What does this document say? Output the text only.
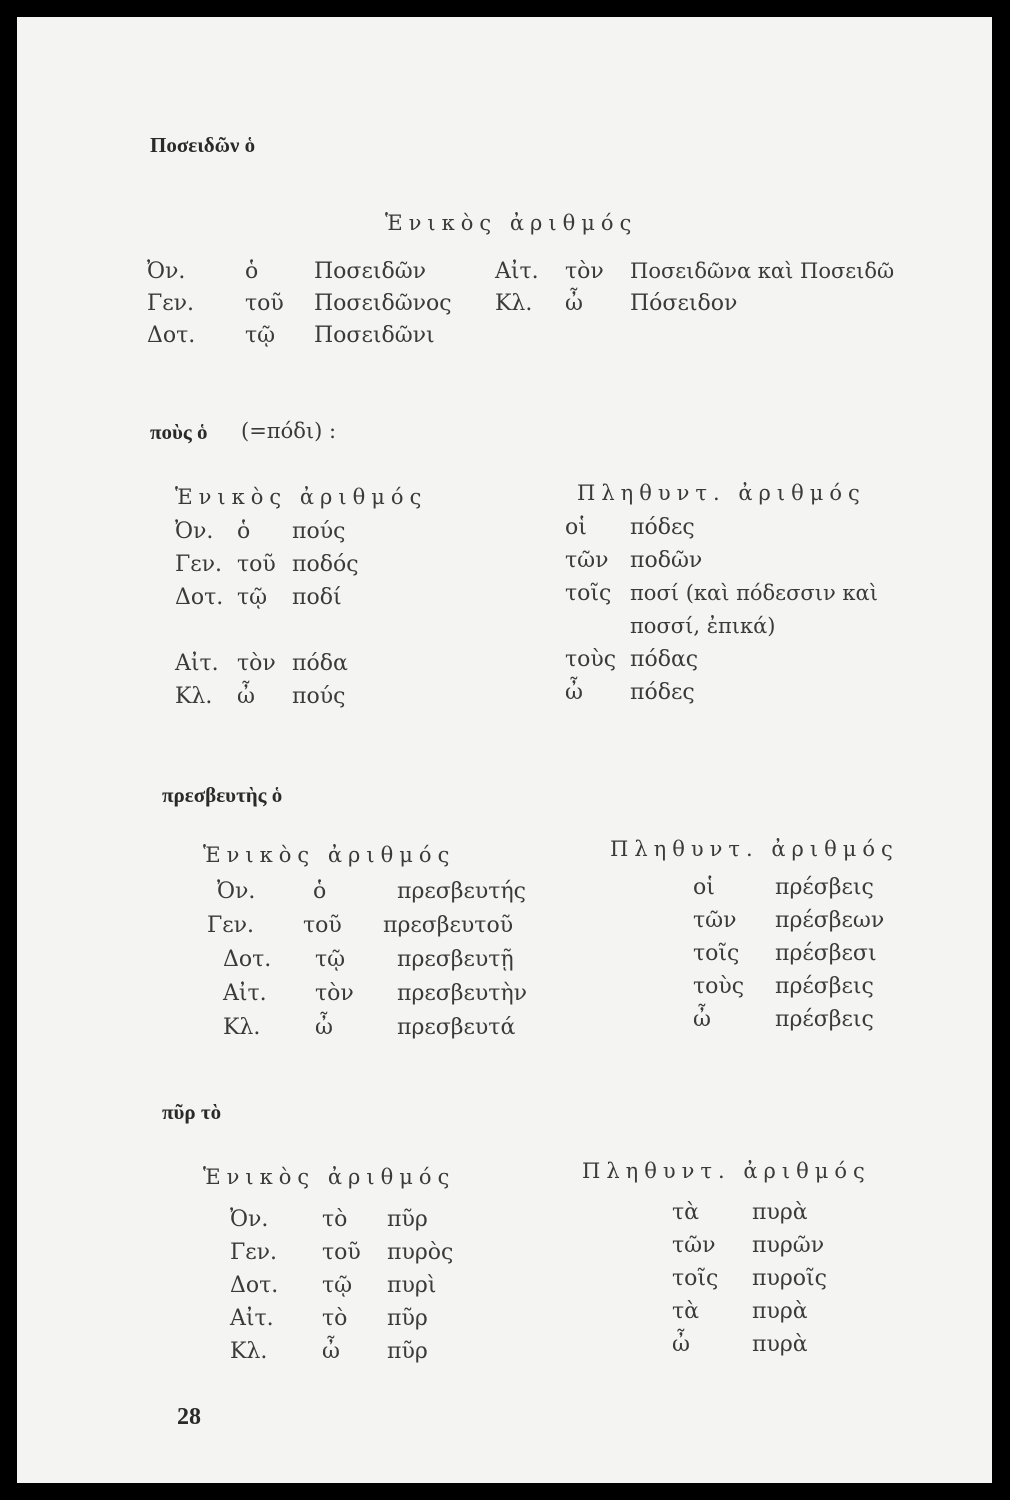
Ποσειδῶν ὁ
Ἑνικὸς ἀριθμός
Ὀν.	ὁ	Ποσειδῶν
Γεν. τοῦ Ποσειδῶνος
Δοτ. τῷ Ποσειδῶνι
Αἰτ. τὸν Ποσειδῶνα καὶ Ποσειδῶ
Κλ. ὦ Πόσειδον
ποὺς ὁ (=πόδι) :
Ἑνικὸς ἀριθμός	Πληθυντ. ἀριθμός
Ὀν. ὁ πούς
Γεν. τοῦ ποδός
Δοτ. τῷ ποδί
Αἰτ. τὸν πόδα
Κλ. ὦ πούς
οἱ πόδες
τῶν ποδῶν
τοῖς ποσί (καὶ πόδεσσιν καὶ
ποσσί, ἐπικά)
τοὺς πόδας
ὦ πόδες
πρεσβευτὴς ὁ
Ἑνικὸς ἀριθμός	Πληθυντ. ἀριθμός
Ὀν.	ὁ	πρεσβευτής
Γεν. τοῦ πρεσβευτοῦ
Δοτ. τῷ πρεσβευτῇ
Αἰτ. τὸν πρεσβευτὴν
Κλ. ὦ	πρεσβευτά
οἱ	πρέσβεις
τῶν πρέσβεων
τοῖς πρέσβεσι
τοὺς πρέσβεις
ὦ	πρέσβεις
πῦρ τὸ
Ἑνικὸς ἀριθμός	Πληθυντ. ἀριθμός
Ὀν. τὸ πῦρ
Γεν. τοῦ πυρὸς
Δοτ. τῷ πυρὶ
Αἰτ. τὸ πῦρ
Κλ. ὦ πῦρ
τὰ πυρὰ
τῶν πυρῶν
τοῖς πυροῖς
τὰ πυρὰ
ὦ	πυρὰ
28
